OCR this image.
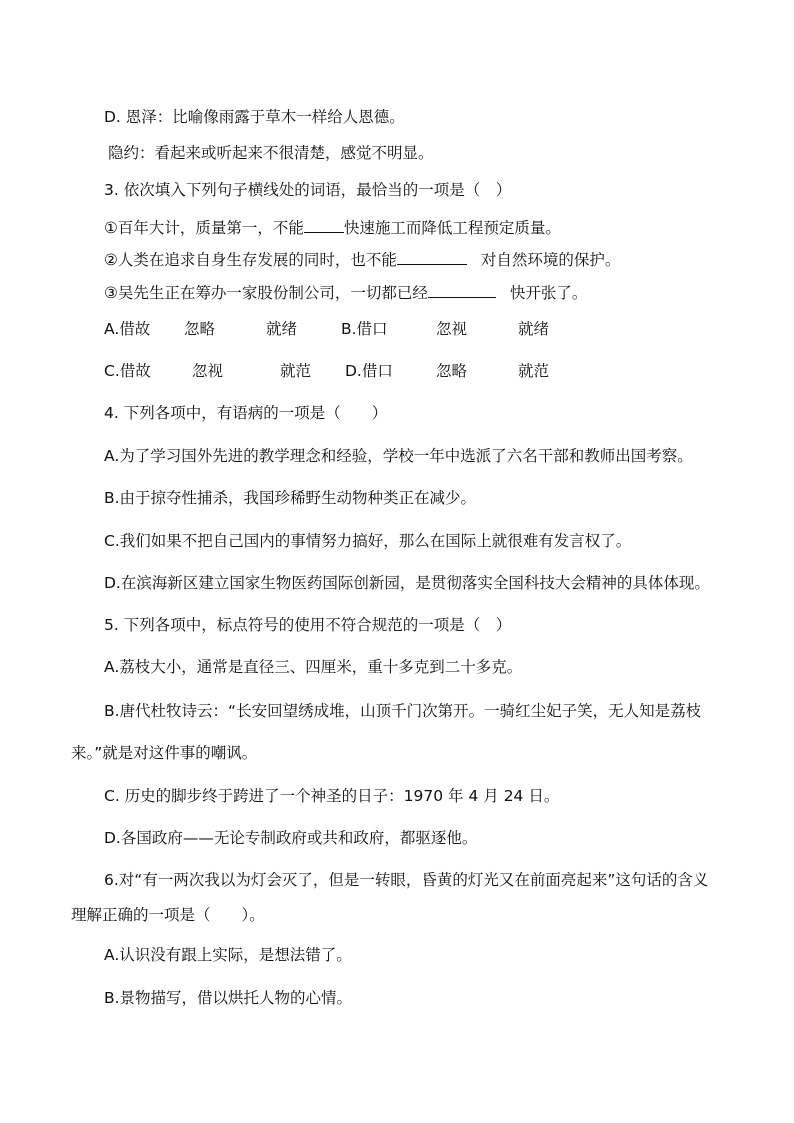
D. 恩泽：比喻像雨露于草木一样给人恩德。
隐约：看起来或听起来不很清楚，感觉不明显。
3. 依次填入下列句子横线处的词语，最恰当的一项是（　）
①百年大计，质量第一，不能	快速施工而降低工程预定质量。
②人类在追求自身生存发展的同时，也不能	对自然环境的保护。
③吴先生正在筹办一家股份制公司，一切都已经	快开张了。
A.借故 忽略	就绪	B.借口	忽视	就绪
C.借故	忽视	就范 D.借口	忽略	就范
4. 下列各项中，有语病的一项是（　　）
A.为了学习国外先进的教学理念和经验，学校一年中选派了六名干部和教师出国考察。
B.由于掠夺性捕杀，我国珍稀野生动物种类正在减少。
C.我们如果不把自己国内的事情努力搞好，那么在国际上就很难有发言权了。
D.在滨海新区建立国家生物医药国际创新园，是贯彻落实全国科技大会精神的具体体现。
5. 下列各项中，标点符号的使用不符合规范的一项是（　）
A.荔枝大小，通常是直径三、四厘米，重十多克到二十多克。
B.唐代杜牧诗云：“长安回望绣成堆，山顶千门次第开。一骑红尘妃子笑，无人知是荔枝
来。”就是对这件事的嘲讽。
C. 历史的脚步终于跨进了一个神圣的日子：1970 年 4 月 24 日。
D.各国政府——无论专制政府或共和政府，都驱逐他。
6.对“有一两次我以为灯会灭了，但是一转眼，昏黄的灯光又在前面亮起来”这句话的含义
理解正确的一项是（　　）。
A.认识没有跟上实际，是想法错了。
B.景物描写，借以烘托人物的心情。
